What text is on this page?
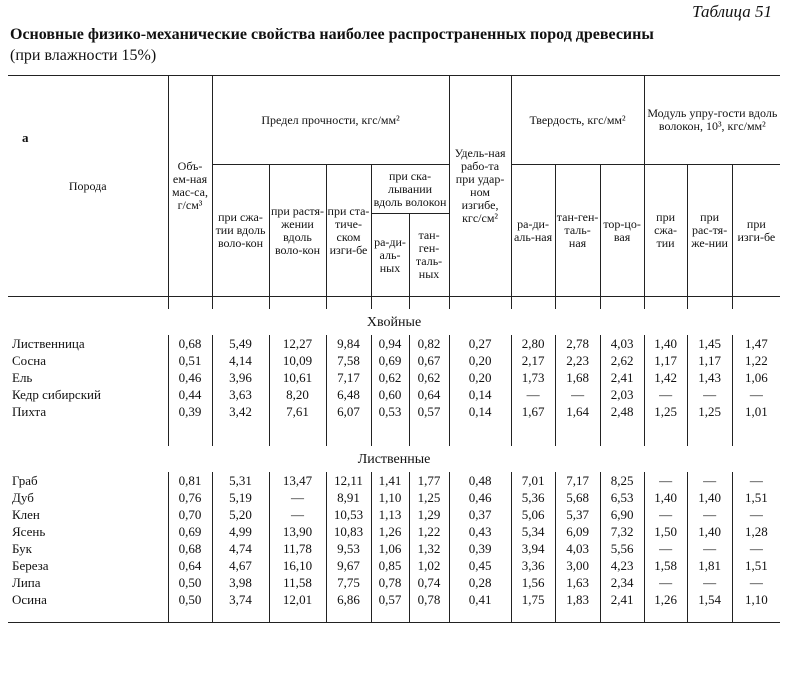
Таблица 51
Основные физико-механические свойства наиболее распространенных пород древесины
(при влажности 15%)
Порода	Объ-ем-ная мас-са, г/см³	Предел прочности, кгс/мм²					Удель-ная рабо-та при удар-ном изгибе, кгс/см²	Твердость, кгс/мм²			Модуль упру-гости вдоль волокон, 10³, кгс/мм²		
		при сжа-тии вдоль воло-кон	при растя-жении вдоль воло-кон	при ста-тиче-ском изги-бе	при ска-лывании вдоль волокон			ра-ди-аль-ная	тан-ген-таль-ная	тор-цо-вая	при сжа-тии	при рас-тя-же-нии	при изги-бе
					ра-ди-аль-ных	тан-ген-таль-ных							

Хвойные													
Лиственница	0,68	5,49	12,27	9,84	0,94	0,82	0,27	2,80	2,78	4,03	1,40	1,45	1,47
Сосна	0,51	4,14	10,09	7,58	0,69	0,67	0,20	2,17	2,23	2,62	1,17	1,17	1,22
Ель	0,46	3,96	10,61	7,17	0,62	0,62	0,20	1,73	1,68	2,41	1,42	1,43	1,06
Кедр сибирский	0,44	3,63	8,20	6,48	0,60	0,64	0,14	—	—	2,03	—	—	—
Пихта	0,39	3,42	7,61	6,07	0,53	0,57	0,14	1,67	1,64	2,48	1,25	1,25	1,01

Лиственные													
Граб	0,81	5,31	13,47	12,11	1,41	1,77	0,48	7,01	7,17	8,25	—	—	—
Дуб	0,76	5,19	—	8,91	1,10	1,25	0,46	5,36	5,68	6,53	1,40	1,40	1,51
Клен	0,70	5,20	—	10,53	1,13	1,29	0,37	5,06	5,37	6,90	—	—	—
Ясень	0,69	4,99	13,90	10,83	1,26	1,22	0,43	5,34	6,09	7,32	1,50	1,40	1,28
Бук	0,68	4,74	11,78	9,53	1,06	1,32	0,39	3,94	4,03	5,56	—	—	—
Береза	0,64	4,67	16,10	9,67	0,85	1,02	0,45	3,36	3,00	4,23	1,58	1,81	1,51
Липа	0,50	3,98	11,58	7,75	0,78	0,74	0,28	1,56	1,63	2,34	—	—	—
Осина	0,50	3,74	12,01	6,86	0,57	0,78	0,41	1,75	1,83	2,41	1,26	1,54	1,10

a
